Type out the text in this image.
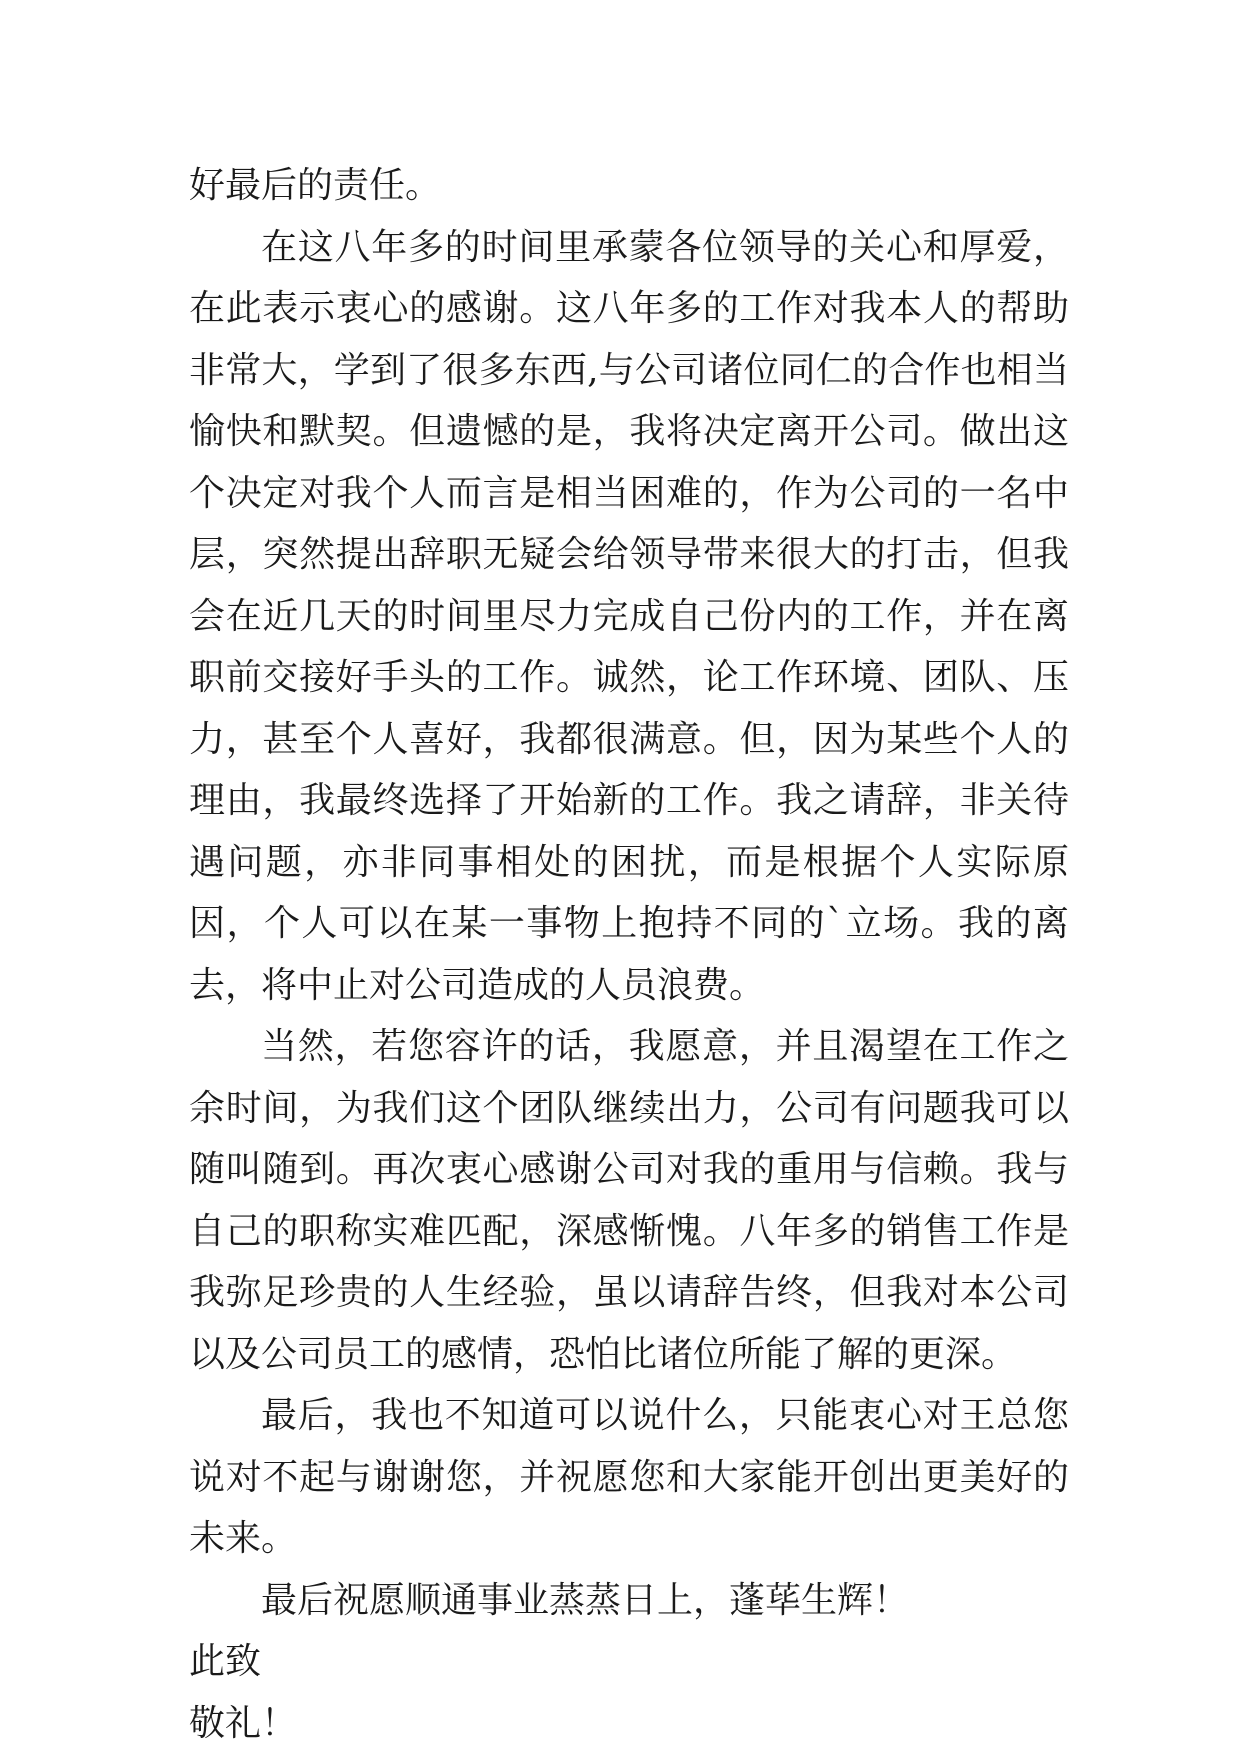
好最后的责任。

在这八年多的时间里承蒙各位领导的关心和厚爱，在此表示衷心的感谢。这八年多的工作对我本人的帮助非常大，学到了很多东西,与公司诸位同仁的合作也相当愉快和默契。但遗憾的是，我将决定离开公司。做出这个决定对我个人而言是相当困难的，作为公司的一名中层，突然提出辞职无疑会给领导带来很大的打击，但我会在近几天的时间里尽力完成自己份内的工作，并在离职前交接好手头的工作。诚然，论工作环境、团队、压力，甚至个人喜好，我都很满意。但，因为某些个人的理由，我最终选择了开始新的工作。我之请辞，非关待遇问题，亦非同事相处的困扰，而是根据个人实际原因，个人可以在某一事物上抱持不同的`立场。我的离去，将中止对公司造成的人员浪费。

当然，若您容许的话，我愿意，并且渴望在工作之余时间，为我们这个团队继续出力，公司有问题我可以随叫随到。再次衷心感谢公司对我的重用与信赖。我与自己的职称实难匹配，深感惭愧。八年多的销售工作是我弥足珍贵的人生经验，虽以请辞告终，但我对本公司以及公司员工的感情，恐怕比诸位所能了解的更深。

最后，我也不知道可以说什么，只能衷心对王总您说对不起与谢谢您，并祝愿您和大家能开创出更美好的未来。

最后祝愿顺通事业蒸蒸日上，蓬荜生辉！

此致

敬礼！
